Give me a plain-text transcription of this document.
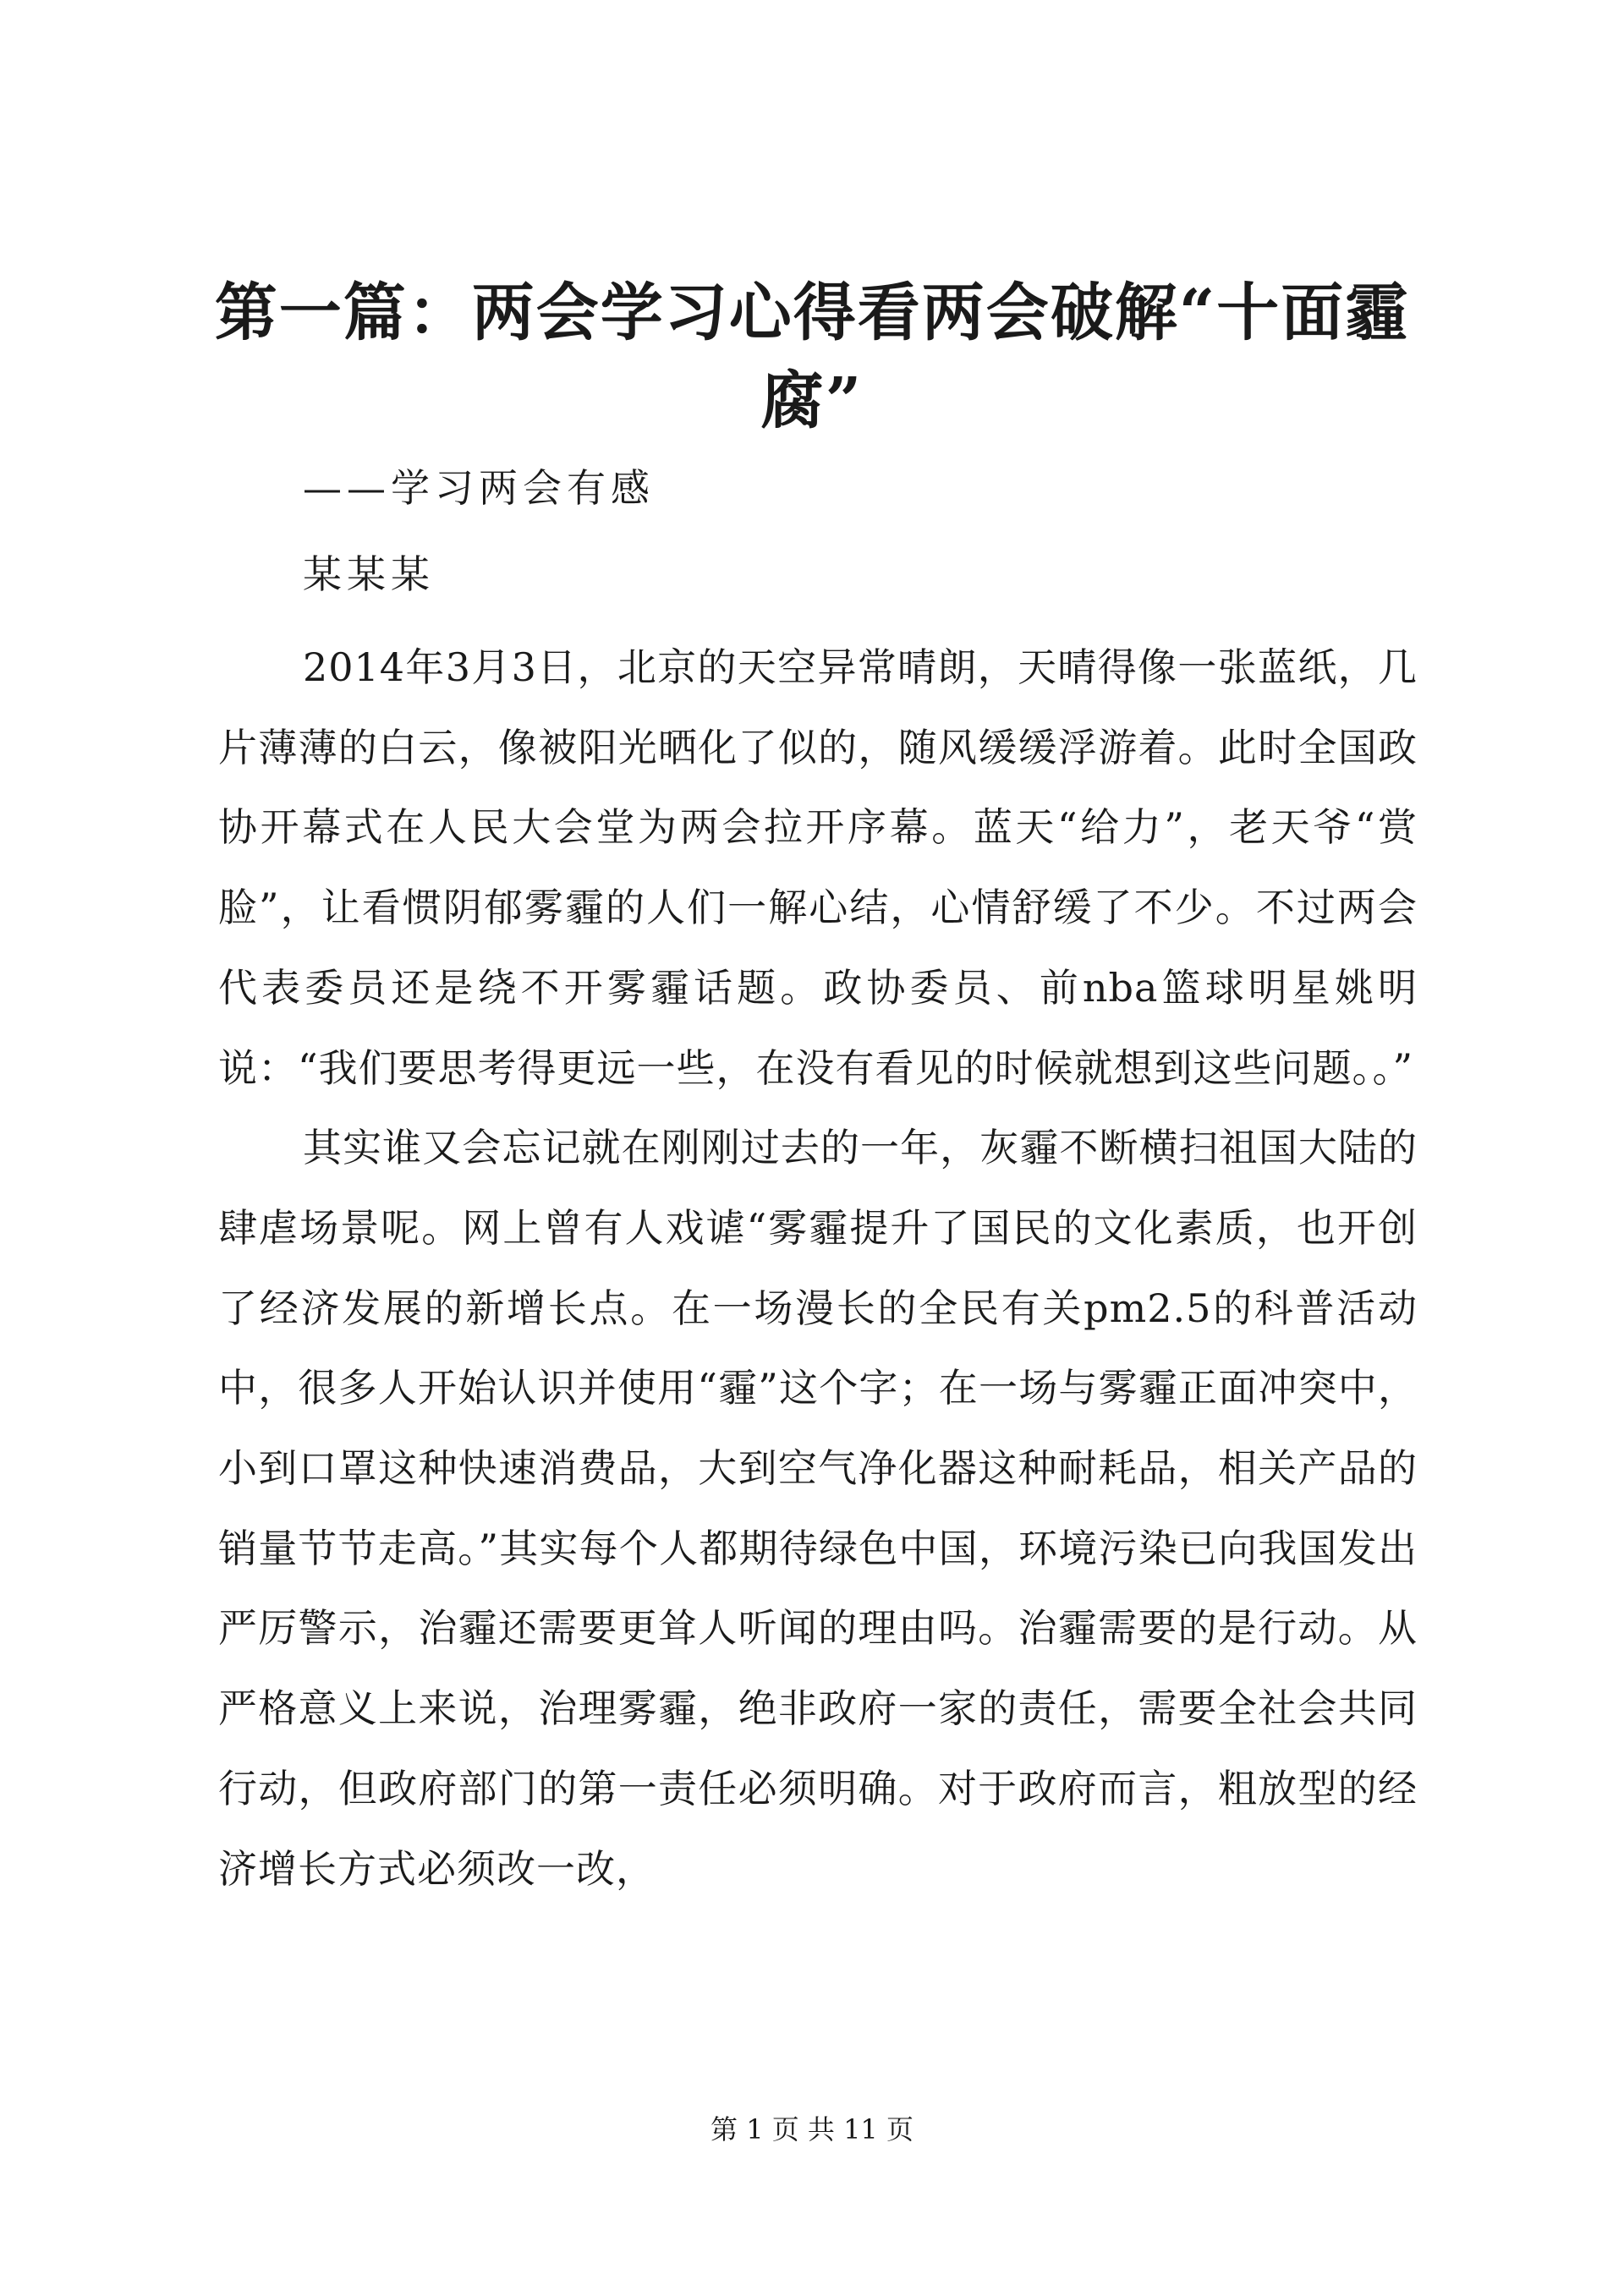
第一篇：两会学习心得看两会破解“十面霾腐”
——学习两会有感
某某某

2014年3月3日，北京的天空异常晴朗，天晴得像一张蓝纸，几片薄薄的白云，像被阳光晒化了似的，随风缓缓浮游着。此时全国政协开幕式在人民大会堂为两会拉开序幕。蓝天“给力”，老天爷“赏脸”，让看惯阴郁雾霾的人们一解心结，心情舒缓了不少。不过两会代表委员还是绕不开雾霾话题。政协委员、前nba篮球明星姚明说：“我们要思考得更远一些，在没有看见的时候就想到这些问题。。”

其实谁又会忘记就在刚刚过去的一年，灰霾不断横扫祖国大陆的肆虐场景呢。网上曾有人戏谑“雾霾提升了国民的文化素质，也开创了经济发展的新增长点。在一场漫长的全民有关pm2.5的科普活动中，很多人开始认识并使用“霾”这个字；在一场与雾霾正面冲突中，小到口罩这种快速消费品，大到空气净化器这种耐耗品，相关产品的销量节节走高。”其实每个人都期待绿色中国，环境污染已向我国发出严厉警示，治霾还需要更耸人听闻的理由吗。治霾需要的是行动。从严格意义上来说，治理雾霾，绝非政府一家的责任，需要全社会共同行动，但政府部门的第一责任必须明确。对于政府而言，粗放型的经济增长方式必须改一改，

第 1 页 共 11 页
